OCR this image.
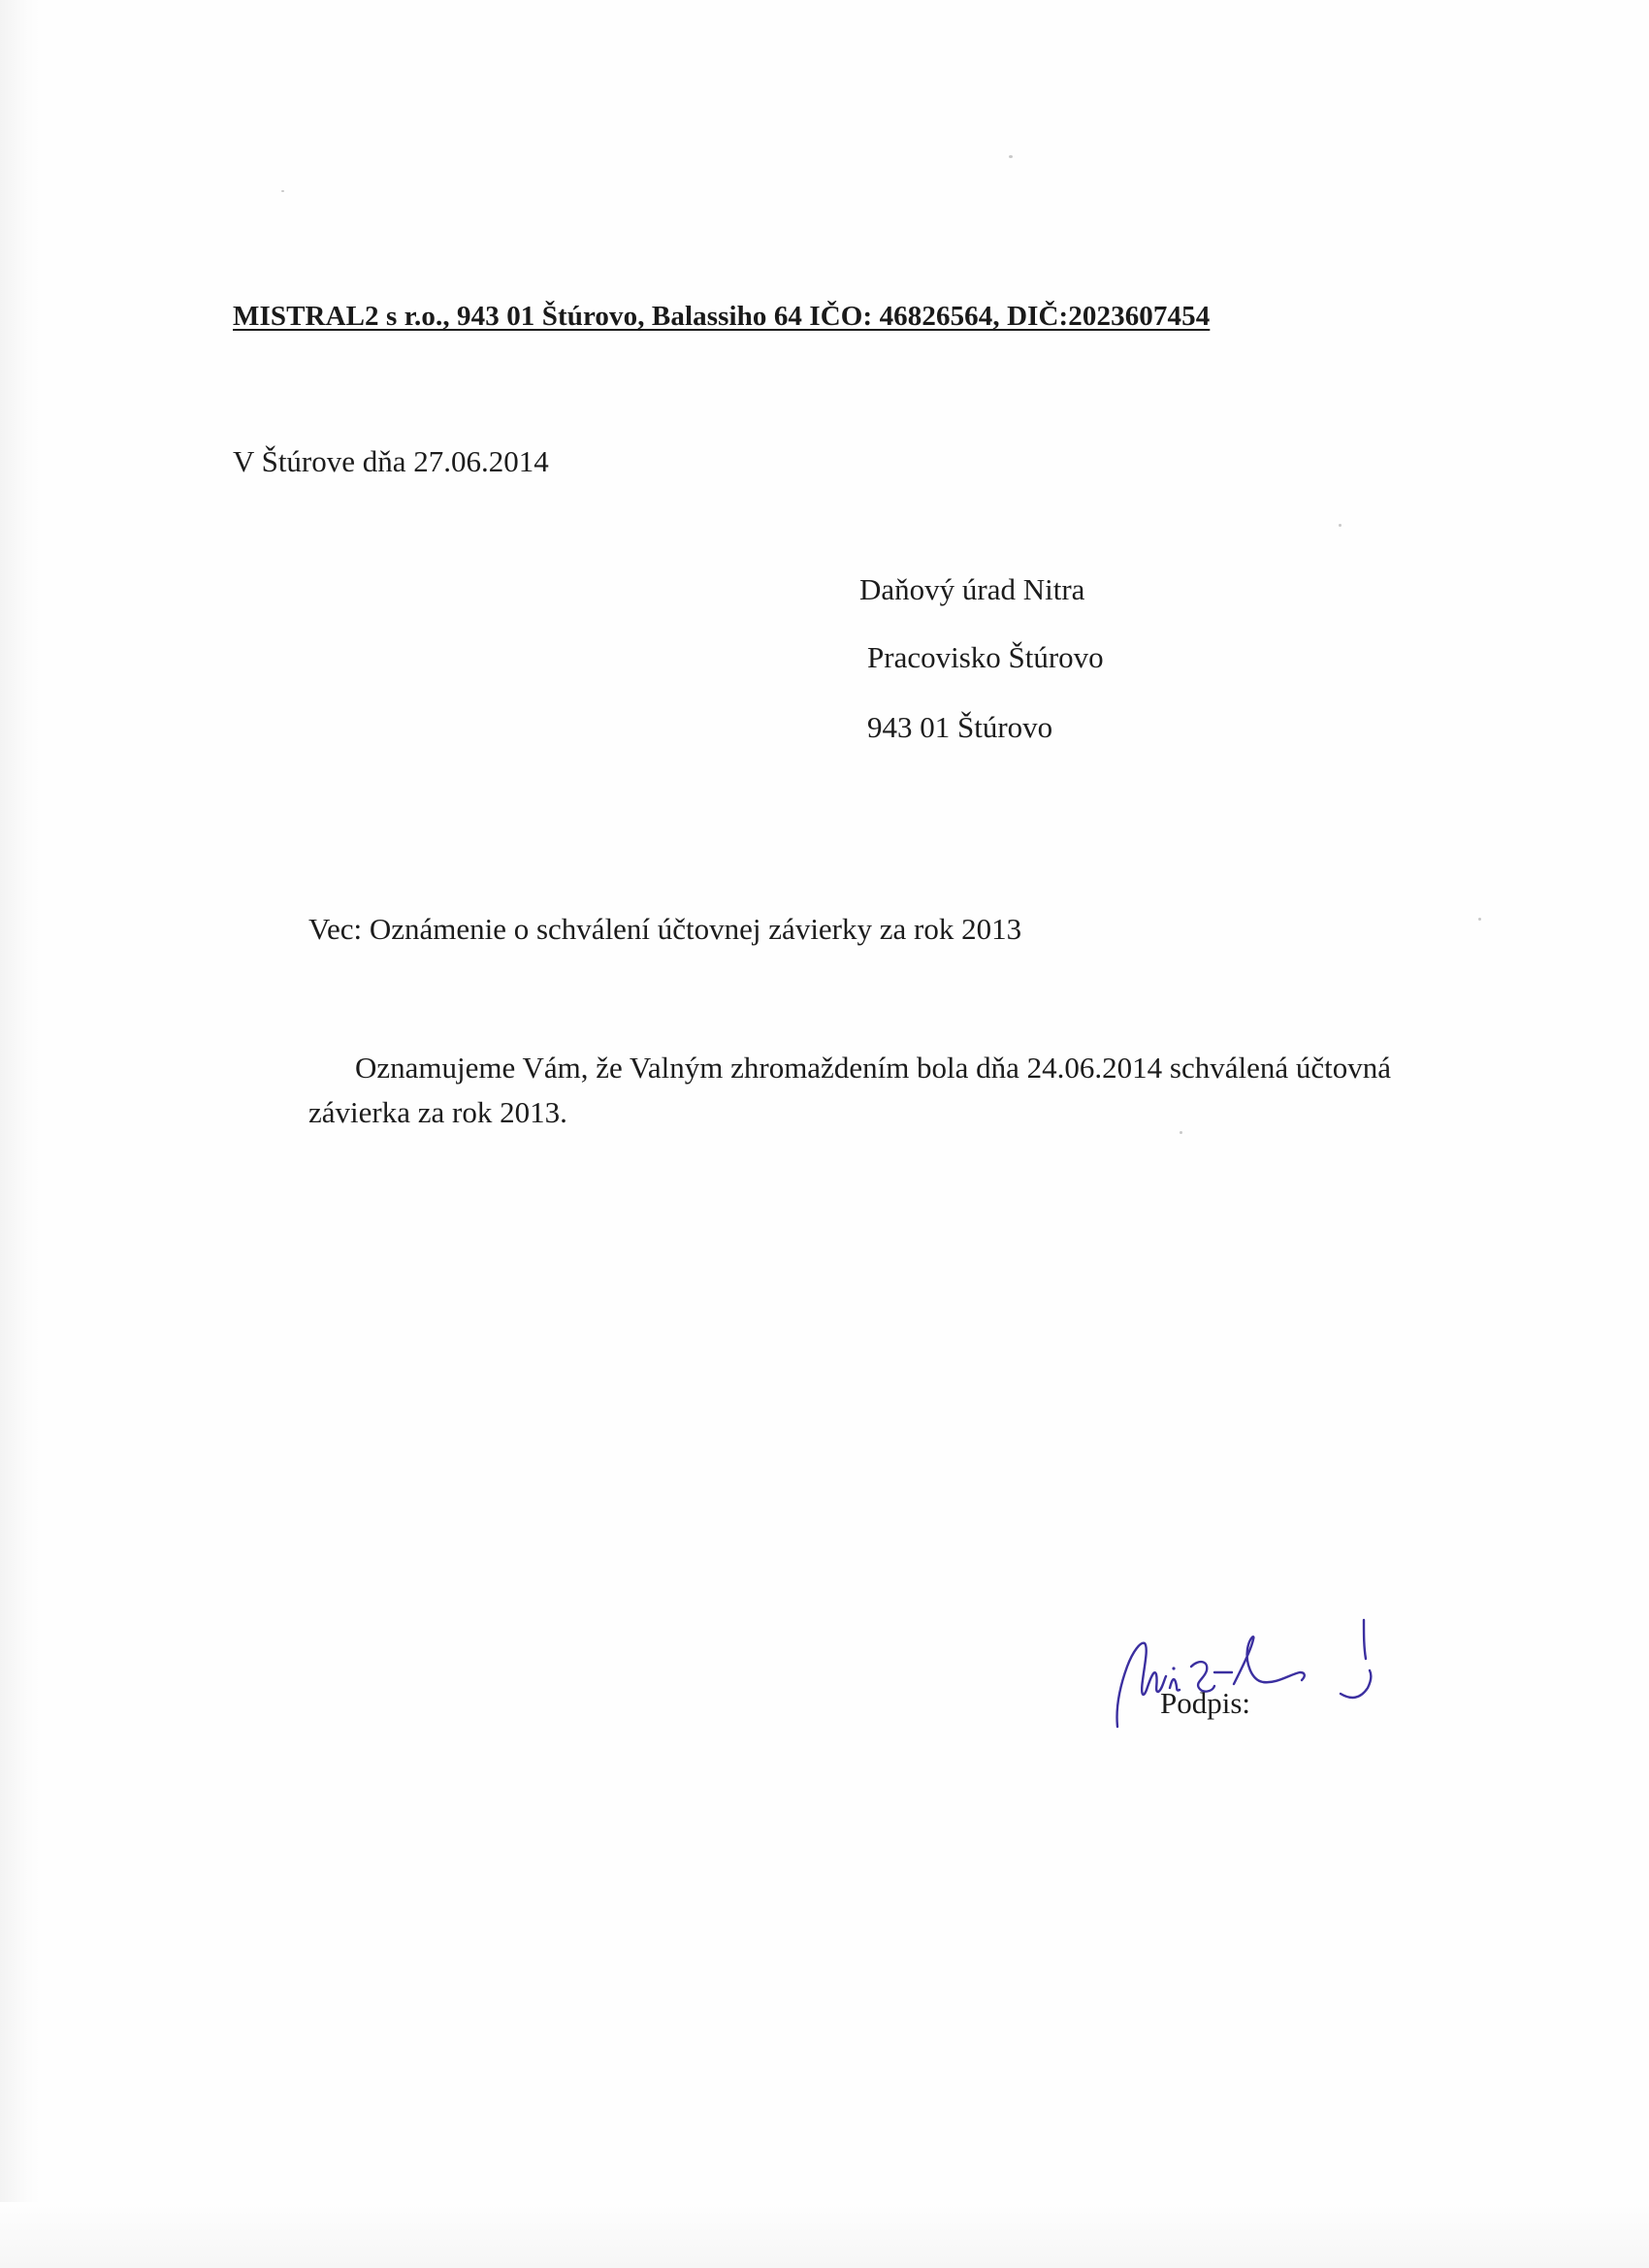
MISTRAL2 s r.o., 943 01 Štúrovo, Balassiho 64 IČO: 46826564, DIČ:2023607454
V Štúrove dňa 27.06.2014
Daňový úrad Nitra
Pracovisko Štúrovo
943 01 Štúrovo
Vec: Oznámenie o schválení účtovnej závierky za rok 2013
Oznamujeme Vám, že Valným zhromaždením bola dňa 24.06.2014 schválená účtovná závierka za rok 2013.
Podpis:
